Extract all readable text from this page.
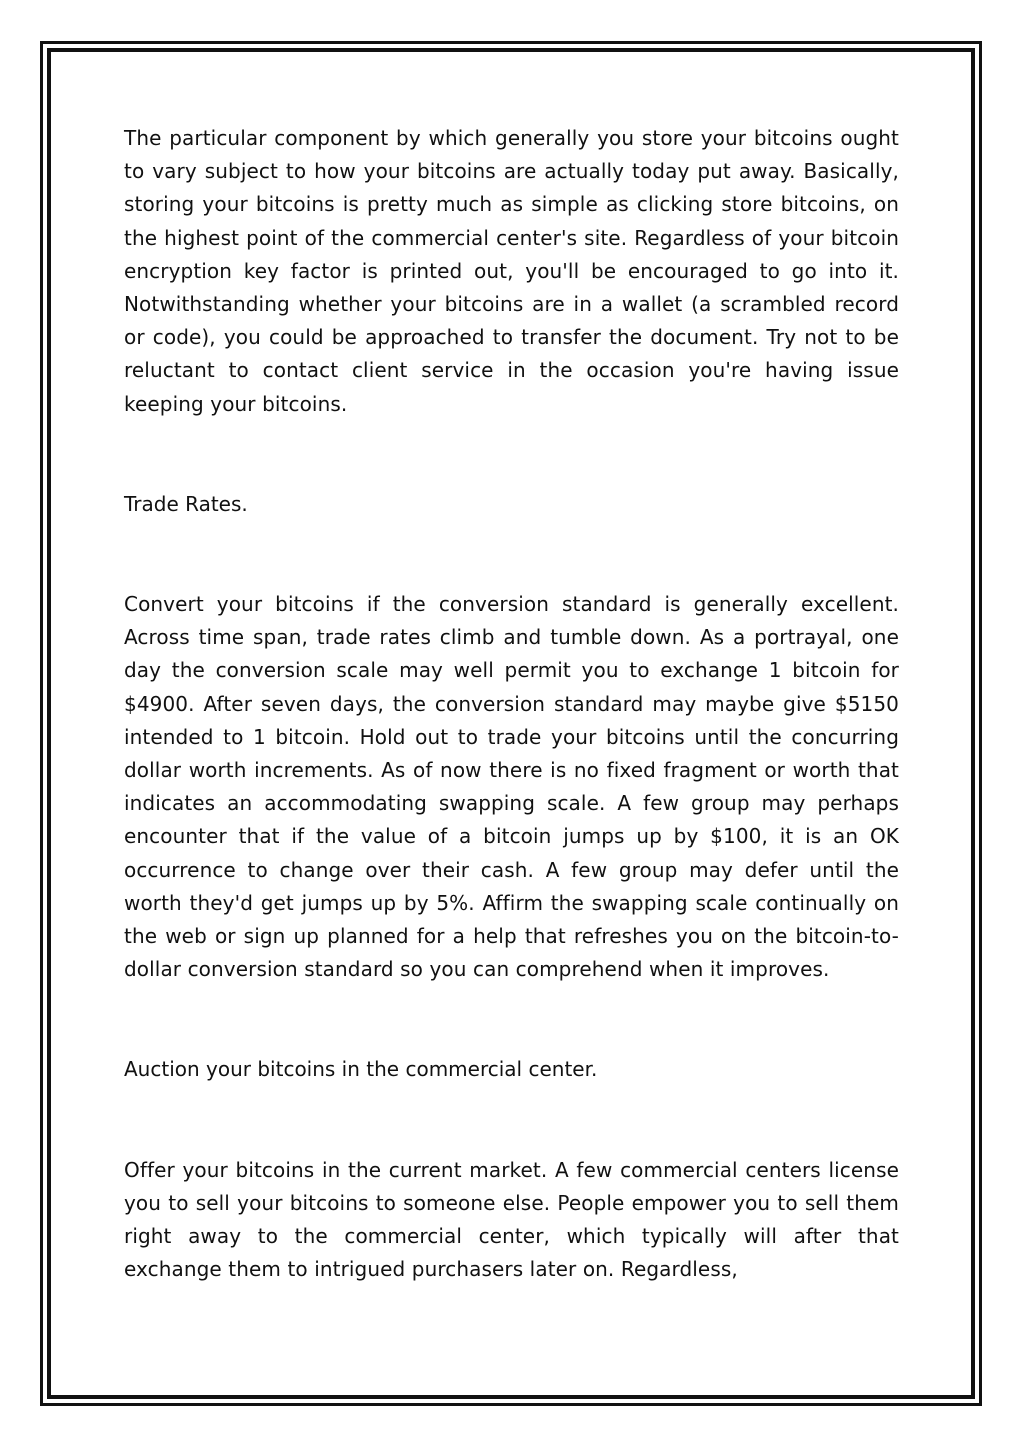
The particular component by which generally you store your bitcoins ought to vary subject to how your bitcoins are actually today put away. Basically, storing your bitcoins is pretty much as simple as clicking store bitcoins, on the highest point of the commercial center's site. Regardless of your bitcoin encryption key factor is printed out, you'll be encouraged to go into it. Notwithstanding whether your bitcoins are in a wallet (a scrambled record or code), you could be approached to transfer the document. Try not to be reluctant to contact client service in the occasion you're having issue keeping your bitcoins.

Trade Rates.

Convert your bitcoins if the conversion standard is generally excellent. Across time span, trade rates climb and tumble down. As a portrayal, one day the conversion scale may well permit you to exchange 1 bitcoin for $4900. After seven days, the conversion standard may maybe give $5150 intended to 1 bitcoin. Hold out to trade your bitcoins until the concurring dollar worth increments. As of now there is no fixed fragment or worth that indicates an accommodating swapping scale. A few group may perhaps encounter that if the value of a bitcoin jumps up by $100, it is an OK occurrence to change over their cash. A few group may defer until the worth they'd get jumps up by 5%. Affirm the swapping scale continually on the web or sign up planned for a help that refreshes you on the bitcoin-to-dollar conversion standard so you can comprehend when it improves.

Auction your bitcoins in the commercial center.

Offer your bitcoins in the current market. A few commercial centers license you to sell your bitcoins to someone else. People empower you to sell them right away to the commercial center, which typically will after that exchange them to intrigued purchasers later on. Regardless,
